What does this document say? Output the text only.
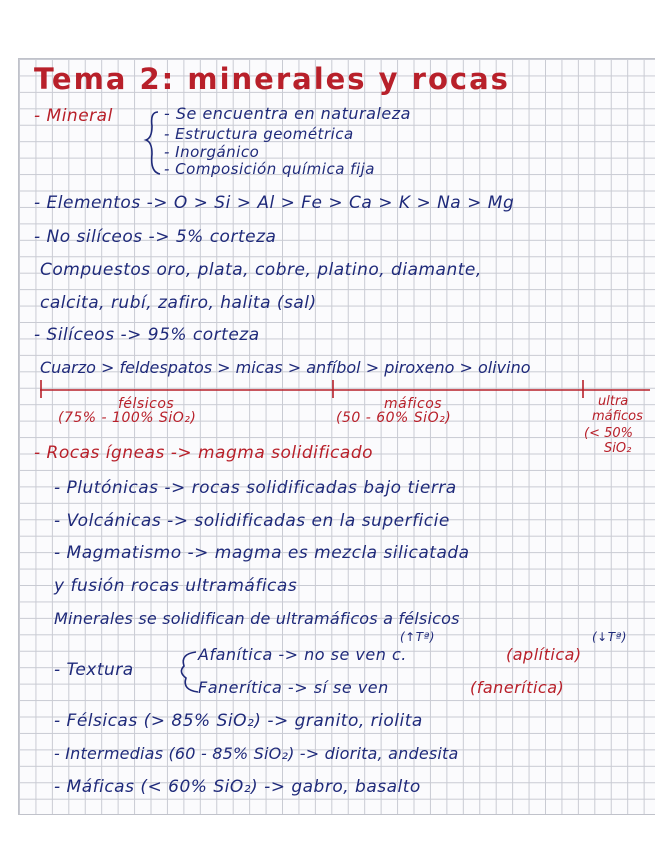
Tema 2: minerales y rocas
- Mineral	- Se encuentra en naturaleza
- Estructura geométrica
- Inorgánico
- Composición química fija
- Elementos -> O > Si > Al > Fe > Ca > K > Na > Mg
- No silíceos -> 5% corteza
Compuestos oro, plata, cobre, platino, diamante,
calcita, rubí, zafiro, halita (sal)
- Silíceos -> 95% corteza
Cuarzo > feldespatos > micas > anfíbol > piroxeno > olivino
félsicos
(75% - 100% SiO₂)
máficos
(50 - 60% SiO₂)
ultra
máficos
(< 50%
SiO₂
- Rocas ígneas -> magma solidificado
- Plutónicas -> rocas solidificadas bajo tierra
- Volcánicas -> solidificadas en la superficie
- Magmatismo -> magma es mezcla silicatada
y fusión rocas ultramáficas
Minerales se solidifican de ultramáficos a félsicos
(↑Tª)	(↓Tª)
- Textura
Afanítica -> no se ven c.	(aplítica)
Fanerítica -> sí se ven	(fanerítica)
- Félsicas (> 85% SiO₂) -> granito, riolita
- Intermedias (60 - 85% SiO₂) -> diorita, andesita
- Máficas (< 60% SiO₂) -> gabro, basalto
